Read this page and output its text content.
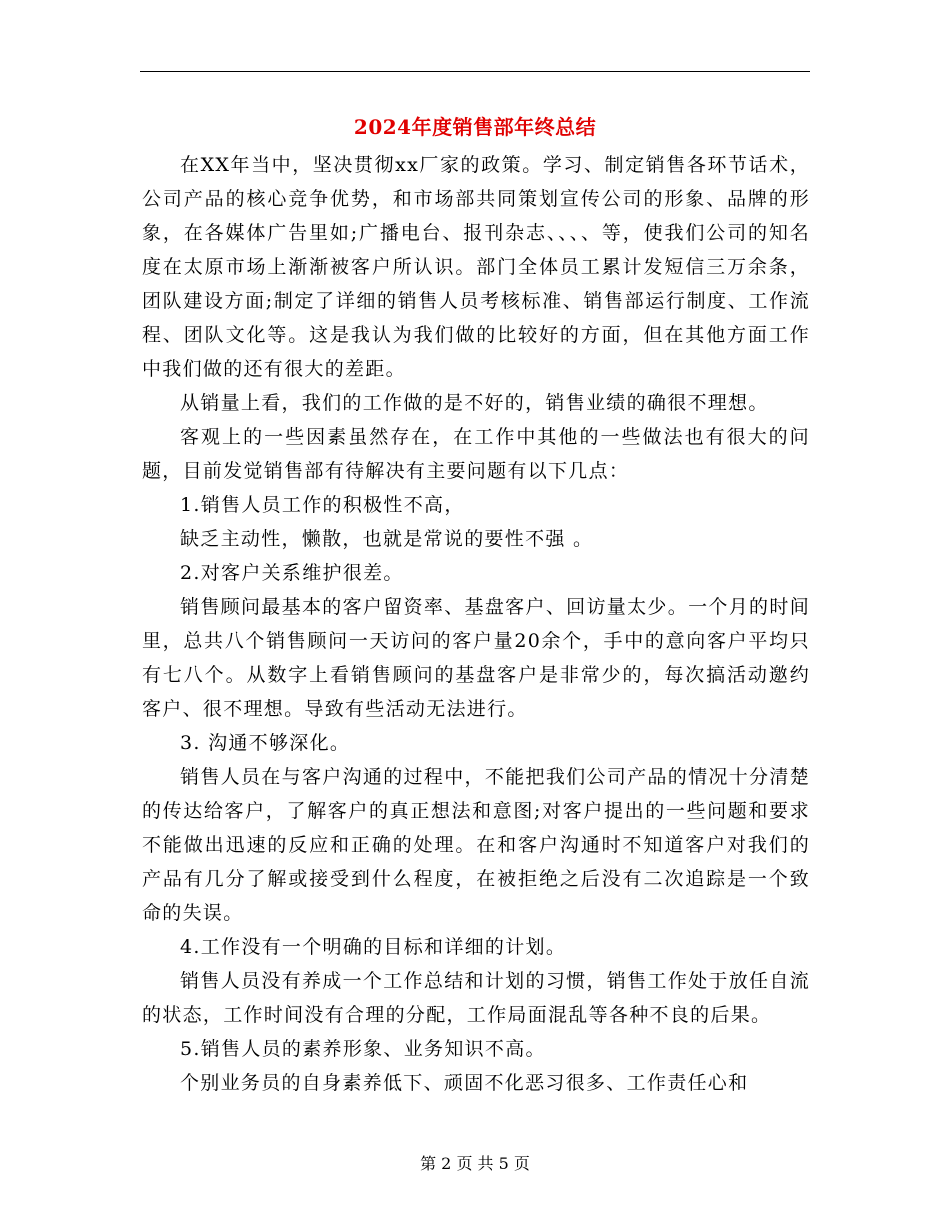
2024年度销售部年终总结

在XX年当中，坚决贯彻xx厂家的政策。学习、制定销售各环节话术，公司产品的核心竞争优势，和市场部共同策划宣传公司的形象、品牌的形象，在各媒体广告里如;广播电台、报刊杂志、、、、等，使我们公司的知名度在太原市场上渐渐被客户所认识。部门全体员工累计发短信三万余条，团队建设方面;制定了详细的销售人员考核标准、销售部运行制度、工作流程、团队文化等。这是我认为我们做的比较好的方面，但在其他方面工作中我们做的还有很大的差距。

从销量上看，我们的工作做的是不好的，销售业绩的确很不理想。

客观上的一些因素虽然存在，在工作中其他的一些做法也有很大的问题，目前发觉销售部有待解决有主要问题有以下几点：

1.销售人员工作的积极性不高，

缺乏主动性，懒散，也就是常说的要性不强 。

2.对客户关系维护很差。

销售顾问最基本的客户留资率、基盘客户、回访量太少。一个月的时间里，总共八个销售顾问一天访问的客户量20余个，手中的意向客户平均只有七八个。从数字上看销售顾问的基盘客户是非常少的，每次搞活动邀约客户、很不理想。导致有些活动无法进行。

3. 沟通不够深化。

销售人员在与客户沟通的过程中，不能把我们公司产品的情况十分清楚的传达给客户，了解客户的真正想法和意图;对客户提出的一些问题和要求不能做出迅速的反应和正确的处理。在和客户沟通时不知道客户对我们的产品有几分了解或接受到什么程度，在被拒绝之后没有二次追踪是一个致命的失误。

4.工作没有一个明确的目标和详细的计划。

销售人员没有养成一个工作总结和计划的习惯，销售工作处于放任自流的状态，工作时间没有合理的分配，工作局面混乱等各种不良的后果。

5.销售人员的素养形象、业务知识不高。

个别业务员的自身素养低下、顽固不化恶习很多、工作责任心和

第 2 页 共 5 页
